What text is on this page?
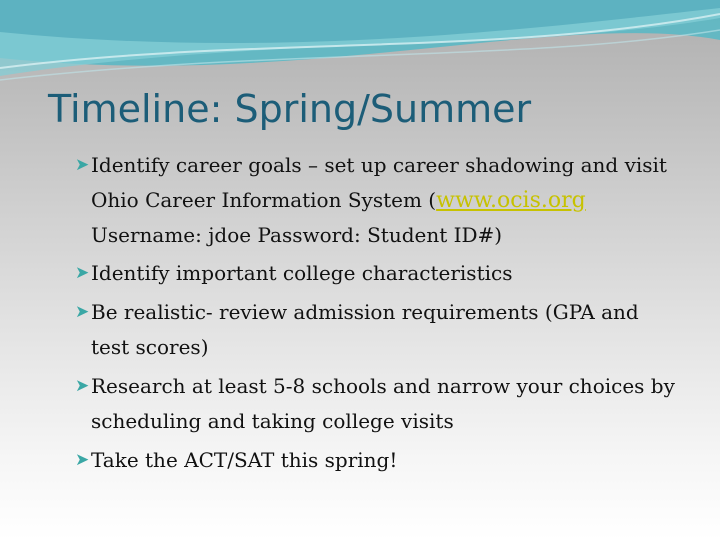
Timeline: Spring/Summer
➤ Identify career goals – set up career shadowing and visit
Ohio Career Information System (www.ocis.org
Username: jdoe Password: Student ID#)
➤ Identify important college characteristics
➤ Be realistic- review admission requirements (GPA and
test scores)
➤ Research at least 5-8 schools and narrow your choices by
scheduling and taking college visits
➤ Take the ACT/SAT this spring!
